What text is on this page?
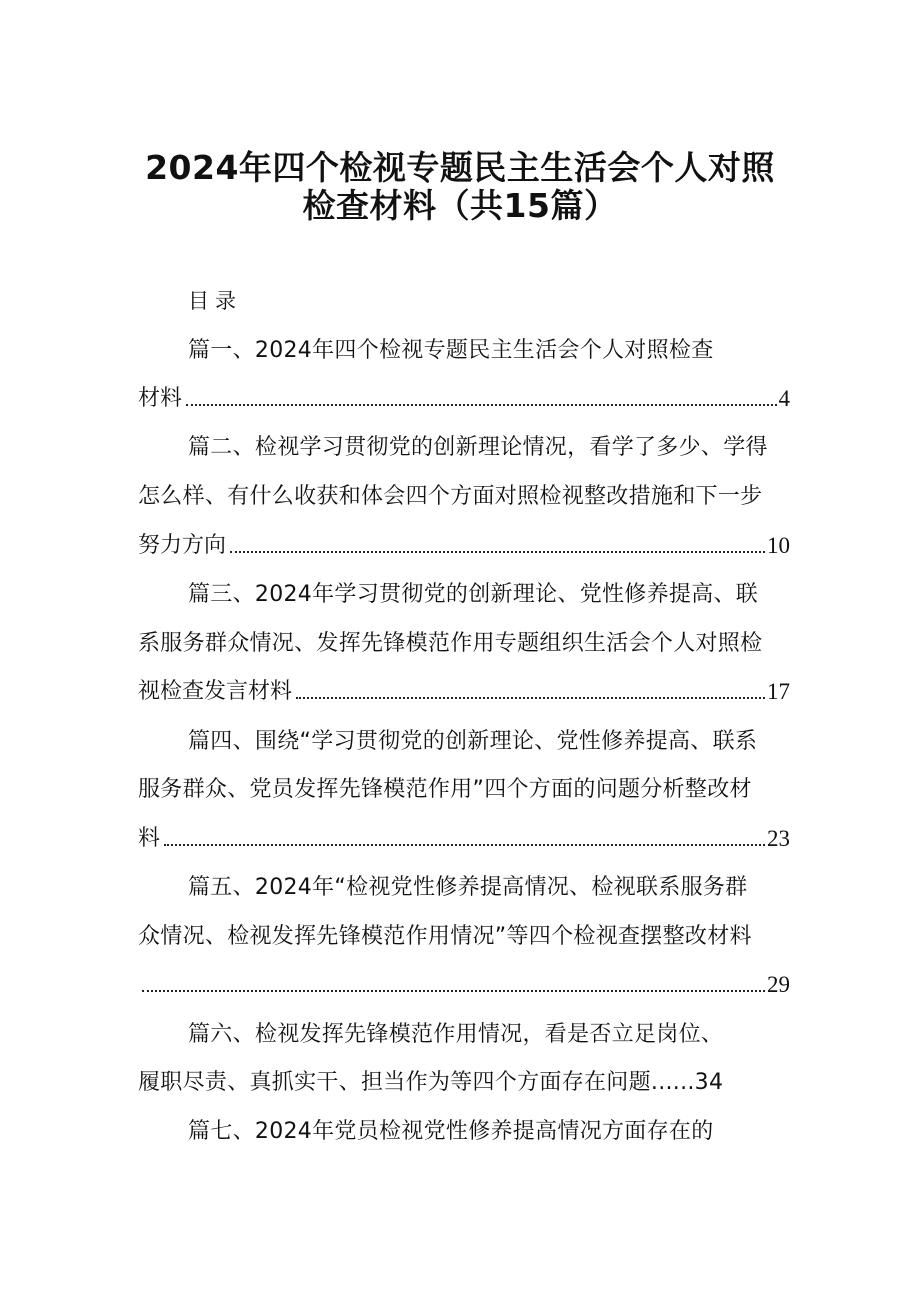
2024年四个检视专题民主生活会个人对照
检查材料（共15篇）
目录
篇一、2024年四个检视专题民主生活会个人对照检查
材料	4
篇二、检视学习贯彻党的创新理论情况，看学了多少、学得
怎么样、有什么收获和体会四个方面对照检视整改措施和下一步
努力方向	10
篇三、2024年学习贯彻党的创新理论、党性修养提高、联
系服务群众情况、发挥先锋模范作用专题组织生活会个人对照检
视检查发言材料	17
篇四、围绕“学习贯彻党的创新理论、党性修养提高、联系
服务群众、党员发挥先锋模范作用”四个方面的问题分析整改材
料	23
篇五、2024年“检视党性修养提高情况、检视联系服务群
众情况、检视发挥先锋模范作用情况”等四个检视查摆整改材料
29
篇六、检视发挥先锋模范作用情况，看是否立足岗位、
履职尽责、真抓实干、担当作为等四个方面存在问题......34
篇七、2024年党员检视党性修养提高情况方面存在的
